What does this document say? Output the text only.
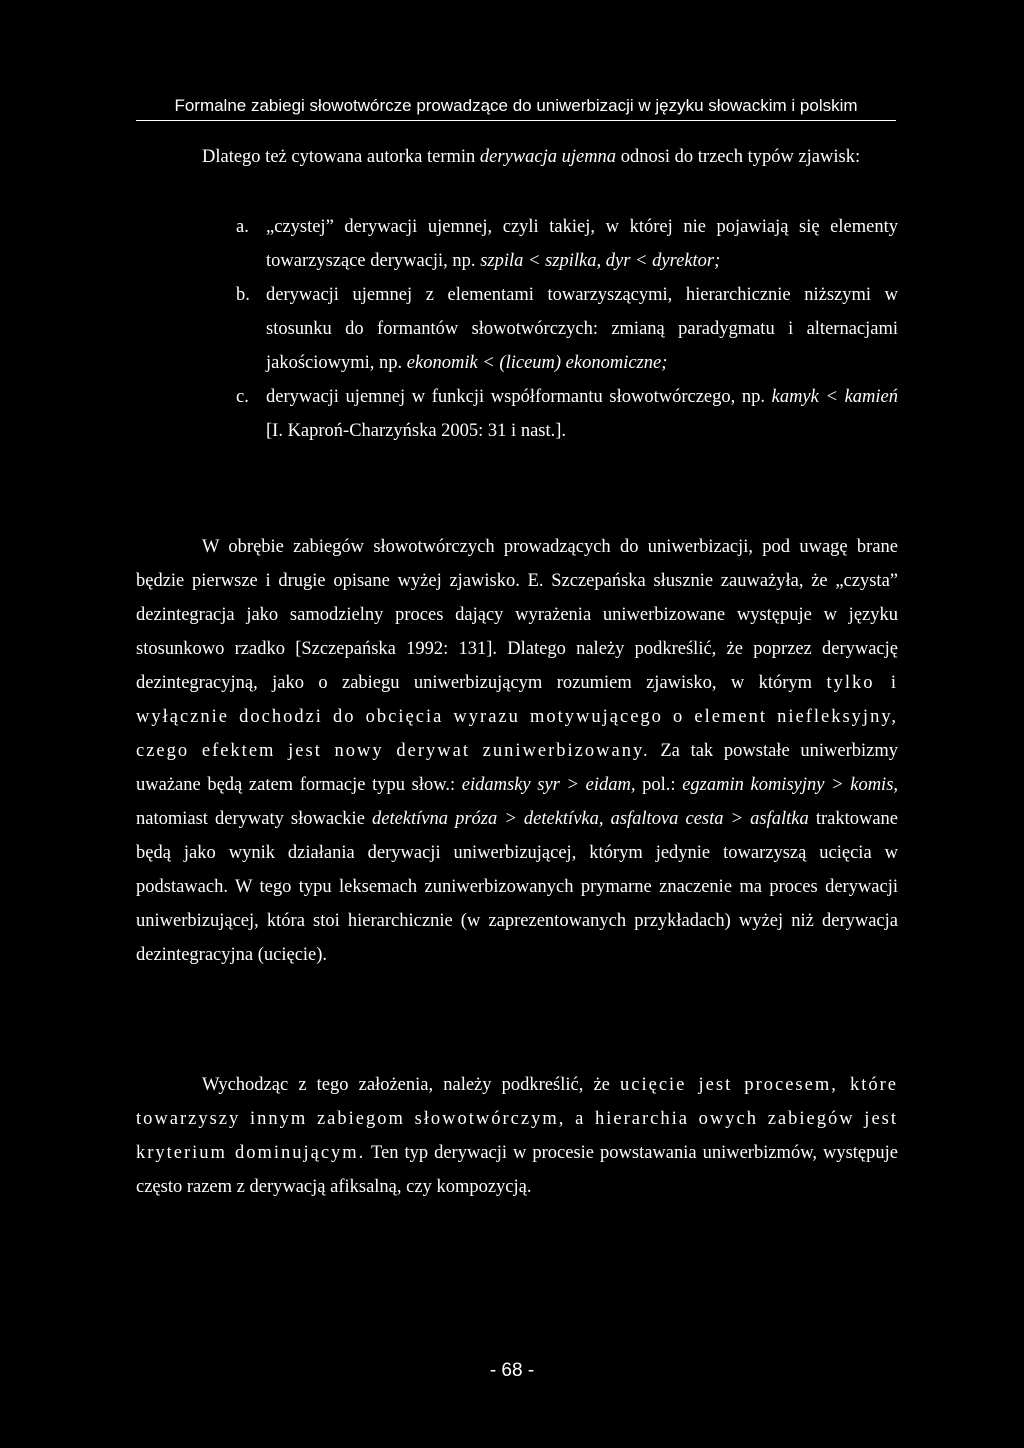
Formalne zabiegi słowotwórcze prowadzące do uniwerbizacji w języku słowackim i polskim
Dlatego też cytowana autorka termin derywacja ujemna odnosi do trzech typów zjawisk:
a. „czystej” derywacji ujemnej, czyli takiej, w której nie pojawiają się elementy towarzyszące derywacji, np. szpila < szpilka, dyr < dyrektor;
b. derywacji ujemnej z elementami towarzyszącymi, hierarchicznie niższymi w stosunku do formantów słowotwórczych: zmianą paradygmatu i alternacjami jakościowymi, np. ekonomik < (liceum) ekonomiczne;
c. derywacji ujemnej w funkcji współformantu słowotwórczego, np. kamyk < kamień [I. Kaproń-Charzyńska 2005: 31 i nast.].
W obrębie zabiegów słowotwórczych prowadzących do uniwerbizacji, pod uwagę brane będzie pierwsze i drugie opisane wyżej zjawisko. E. Szczepańska słusznie zauważyła, że „czysta” dezintegracja jako samodzielny proces dający wyrażenia uniwerbizowane występuje w języku stosunkowo rzadko [Szczepańska 1992: 131]. Dlatego należy podkreślić, że poprzez derywację dezintegracyjną, jako o zabiegu uniwerbizującym rozumiem zjawisko, w którym tylko i wyłącznie dochodzi do obcięcia wyrazu motywującego o element niefleksyjny, czego efektem jest nowy derywat zuniwerbizowany. Za tak powstałe uniwerbizmy uważane będą zatem formacje typu słow.: eidamsky syr > eidam, pol.: egzamin komisyjny > komis, natomiast derywaty słowackie detektívna próza > detektívka, asfaltova cesta > asfaltka traktowane będą jako wynik działania derywacji uniwerbizującej, którym jedynie towarzyszą ucięcia w podstawach. W tego typu leksemach zuniwerbizowanych prymarne znaczenie ma proces derywacji uniwerbizującej, która stoi hierarchicznie (w zaprezentowanych przykładach) wyżej niż derywacja dezintegracyjna (ucięcie).
Wychodząc z tego założenia, należy podkreślić, że ucięcie jest procesem, które towarzyszy innym zabiegom słowotwórczym, a hierarchia owych zabiegów jest kryterium dominującym. Ten typ derywacji w procesie powstawania uniwerbizmów, występuje często razem z derywacją afiksalną, czy kompozycją.
- 68 -
